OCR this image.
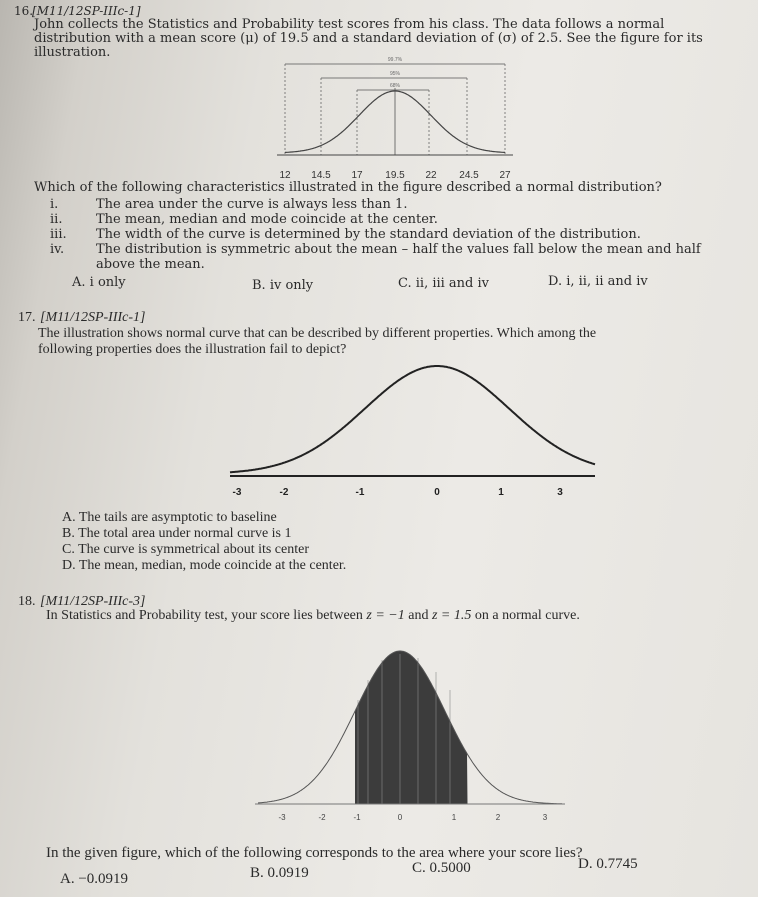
16.
[M11/12SP-IIIc-1]
John collects the Statistics and Probability test scores from his class. The data follows a normal
distribution with a mean score (μ) of 19.5 and a standard deviation of (σ) of 2.5. See the figure for its
illustration.	99.7%
95%
68%
12 14.5 17 19.5 22 24.5 27
Which of the following characteristics illustrated in the figure described a normal distribution?
i.	The area under the curve is always less than 1.
ii.	The mean, median and mode coincide at the center.
iii. The width of the curve is determined by the standard deviation of the distribution.
iv. The distribution is symmetric about the mean – half the values fall below the mean and half
above the mean.
A. i only	B. iv only	C. ii, iii and iv	D. i, ii, ii and iv
17. [M11/12SP-IIIc-1]
The illustration shows normal curve that can be described by different properties. Which among the
following properties does the illustration fail to depict?
-3	-2	-1	0	1	3
A. The tails are asymptotic to baseline
B. The total area under normal curve is 1
C. The curve is symmetrical about its center
D. The mean, median, mode coincide at the center.
18. [M11/12SP-IIIc-3]
In Statistics and Probability test, your score lies between z = −1 and z = 1.5 on a normal curve.
-3	-2	-1	0	1	2	3
In the given figure, which of the following corresponds to the area where your score lies?
A. −0.0919	B. 0.0919	C. 0.5000	D. 0.7745
